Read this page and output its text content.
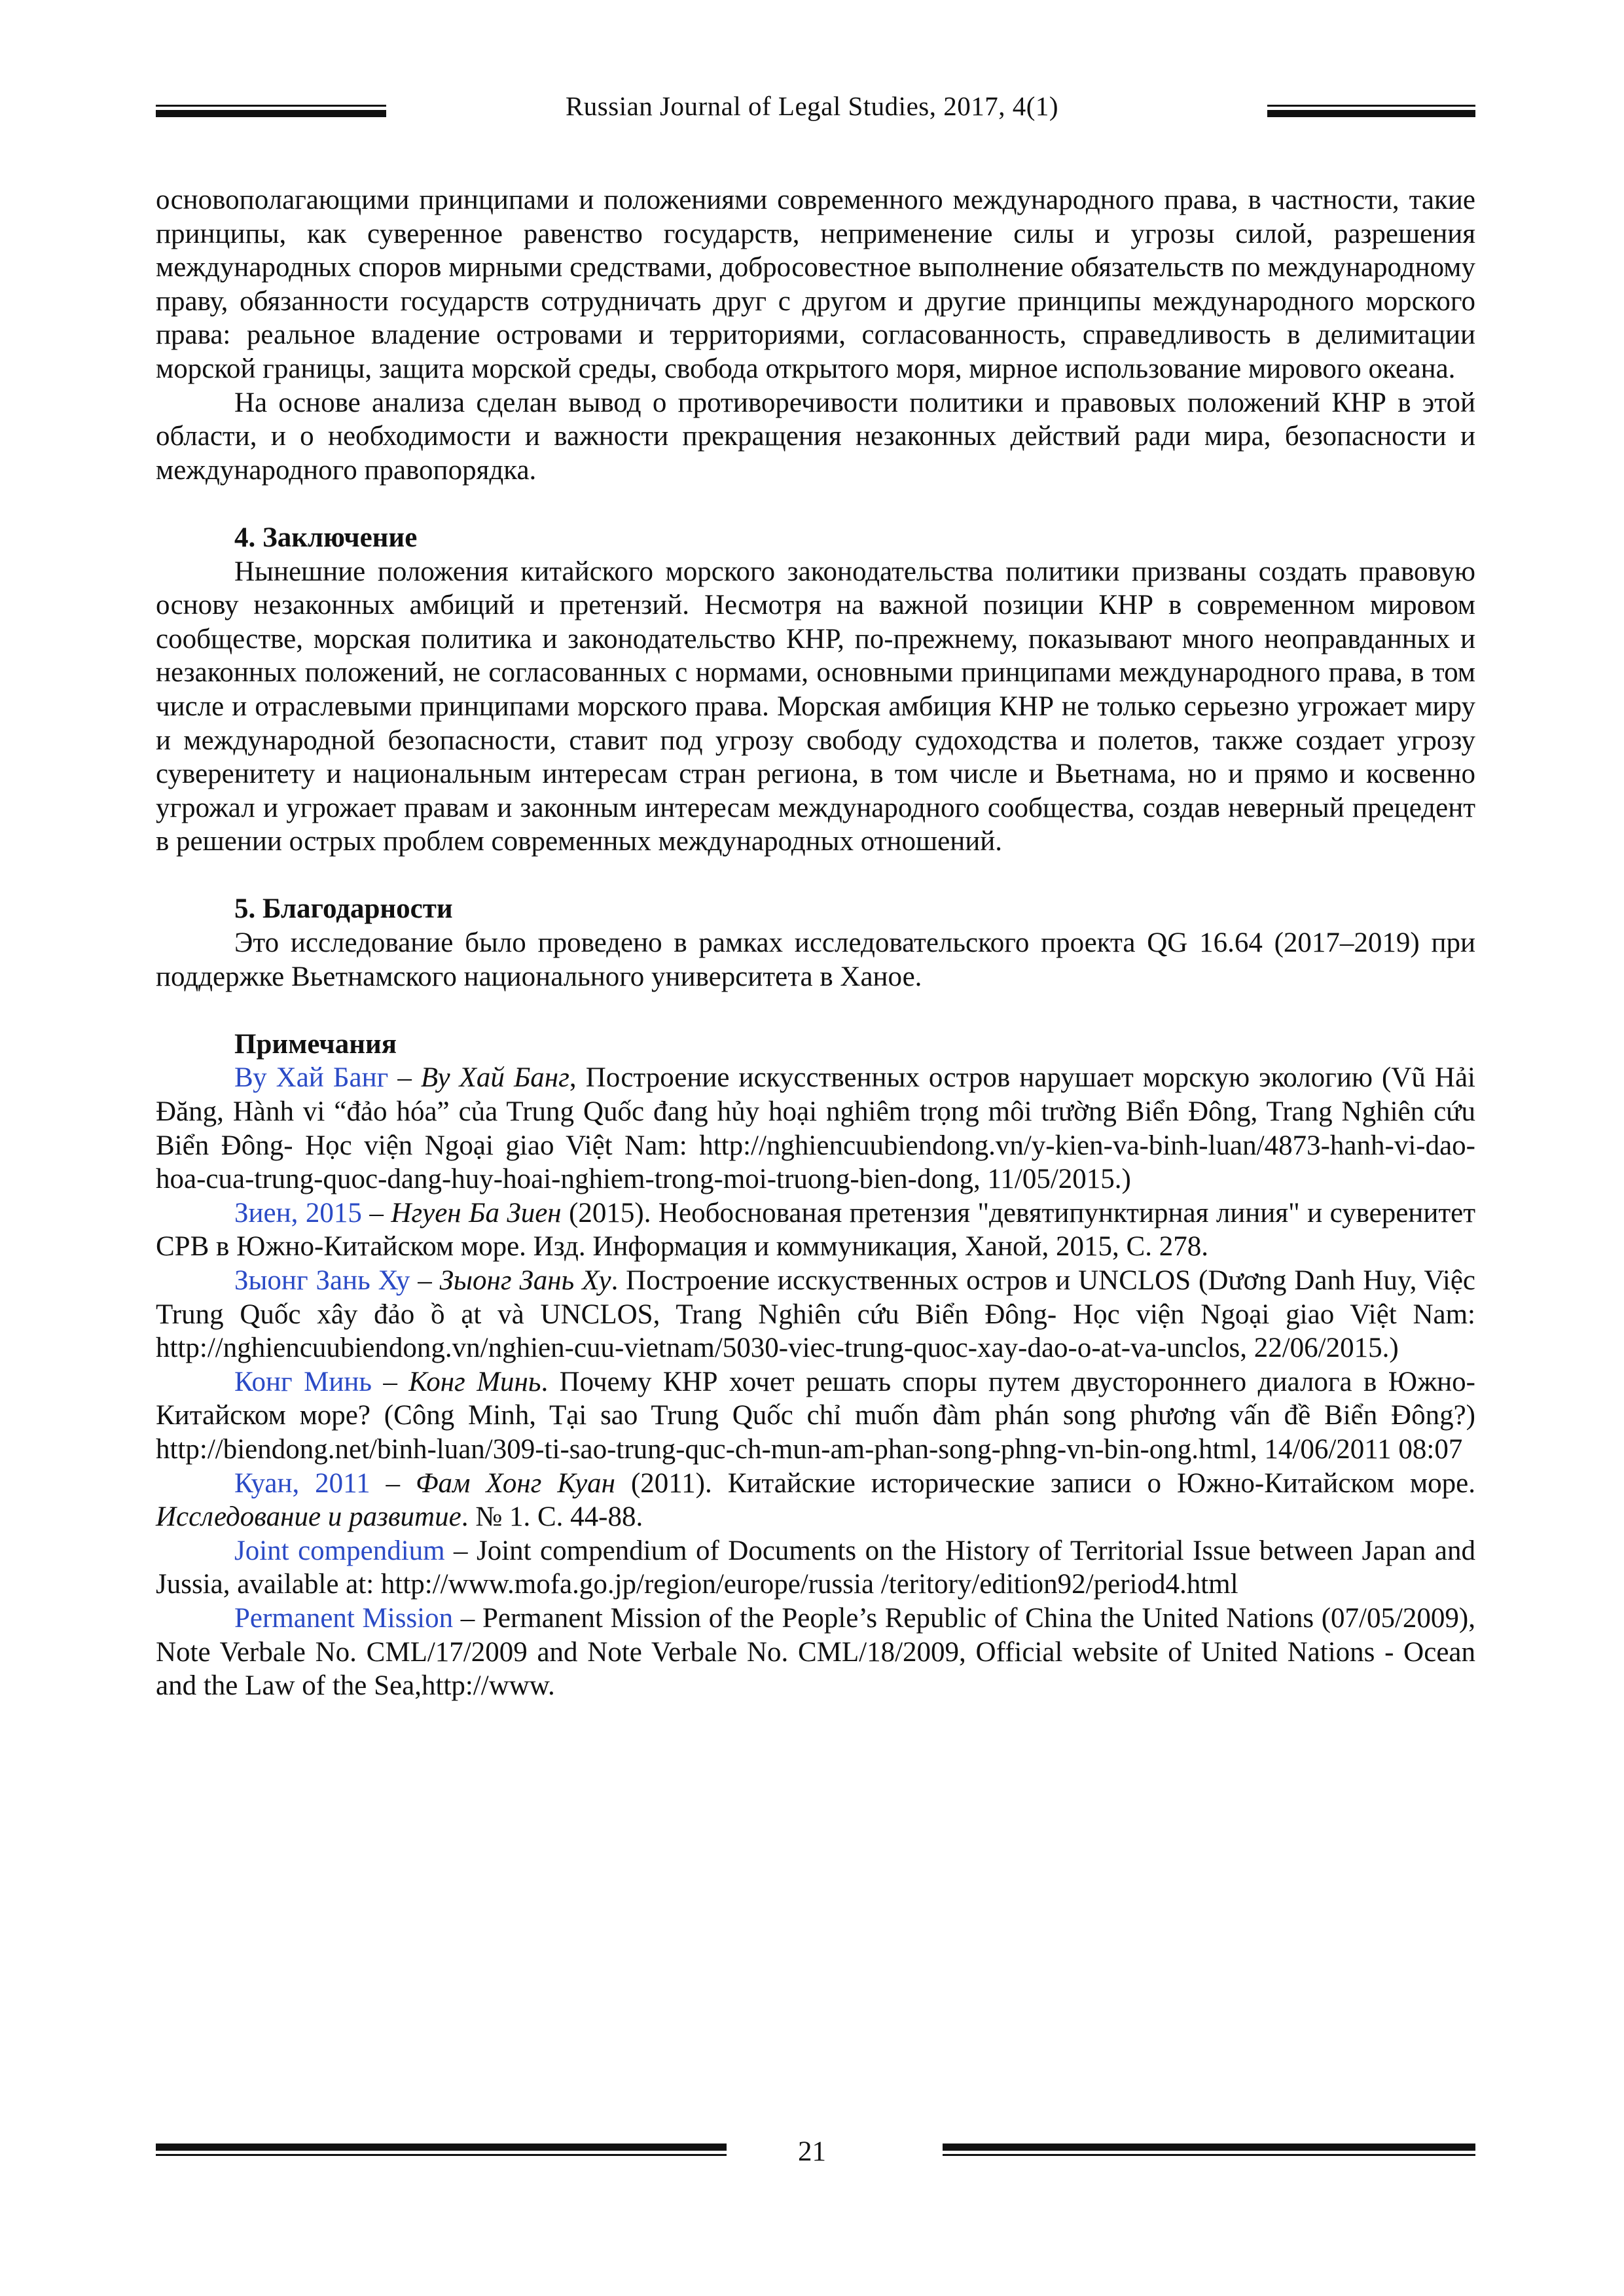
Russian Journal of Legal Studies, 2017, 4(1)

основополагающими принципами и положениями современного международного права, в частности, такие принципы, как суверенное равенство государств, неприменение силы и угрозы силой, разрешения международных споров мирными средствами, добросовестное выполнение обязательств по международному праву, обязанности государств сотрудничать друг с другом и другие принципы международного морского права: реальное владение островами и территориями, согласованность, справедливость в делимитации морской границы, защита морской среды, свобода открытого моря, мирное использование мирового океана.

На основе анализа сделан вывод о противоречивости политики и правовых положений КНР в этой области, и о необходимости и важности прекращения незаконных действий ради мира, безопасности и международного правопорядка.

4. Заключение

Нынешние положения китайского морского законодательства политики призваны создать правовую основу незаконных амбиций и претензий. Несмотря на важной позиции КНР в современном мировом сообществе, морская политика и законодательство КНР, по-прежнему, показывают много неоправданных и незаконных положений, не согласованных с нормами, основными принципами международного права, в том числе и отраслевыми принципами морского права. Морская амбиция КНР не только серьезно угрожает миру и международной безопасности, ставит под угрозу свободу судоходства и полетов, также создает угрозу суверенитету и национальным интересам стран региона, в том числе и Вьетнама, но и прямо и косвенно угрожал и угрожает правам и законным интересам международного сообщества, создав неверный прецедент в решении острых проблем современных международных отношений.

5. Благодарности

Это исследование было проведено в рамках исследовательского проекта QG 16.64 (2017–2019) при поддержке Вьетнамского национального университета в Ханое.

Примечания

Ву Хай Банг – Ву Хай Банг, Построение искусственных остров нарушает морскую экологию (Vũ Hải Đăng, Hành vi “đảo hóa” của Trung Quốc đang hủy hoại nghiêm trọng môi trường Biển Đông, Trang Nghiên cứu Biển Đông- Học viện Ngoại giao Việt Nam: http://nghiencuubiendong.vn/y-kien-va-binh-luan/4873-hanh-vi-dao-hoa-cua-trung-quoc-dang-huy-hoai-nghiem-trong-moi-truong-bien-dong, 11/05/2015.)

Зиен, 2015 – Нгуен Ба Зиен (2015). Необоснованая претензия "девятипунктирная линия" и суверенитет СРВ в Южно-Китайском море. Изд. Информация и коммуникация, Ханой, 2015, С. 278.

Зыонг Зань Ху – Зыонг Зань Ху. Построение исскуственных остров и UNCLOS (Dương Danh Huy, Việc Trung Quốc xây đảo ồ ạt và UNCLOS, Trang Nghiên cứu Biển Đông- Học viện Ngoại giao Việt Nam: http://nghiencuubiendong.vn/nghien-cuu-vietnam/5030-viec-trung-quoc-xay-dao-o-at-va-unclos, 22/06/2015.)

Конг Минь – Конг Минь. Почему КНР хочет решать споры путем двустороннего диалога в Южно-Китайском море? (Công Minh, Tại sao Trung Quốc chỉ muốn đàm phán song phương vấn đề Biển Đông?) http://biendong.net/binh-luan/309-ti-sao-trung-quc-ch-mun-am-phan-song-phng-vn-bin-ong.html, 14/06/2011 08:07

Куан, 2011 – Фам Хонг Куан (2011). Китайские исторические записи о Южно-Китайском море. Исследование и развитие. № 1. С. 44-88.

Joint compendium – Joint compendium of Documents on the History of Territorial Issue between Japan and Jussia, available at: http://www.mofa.go.jp/region/europe/russia /teritory/edition92/period4.html

Permanent Mission – Permanent Mission of the People’s Republic of China the United Nations (07/05/2009), Note Verbale No. CML/17/2009 and Note Verbale No. CML/18/2009, Official website of United Nations - Ocean and the Law of the Sea,http://www.

21
